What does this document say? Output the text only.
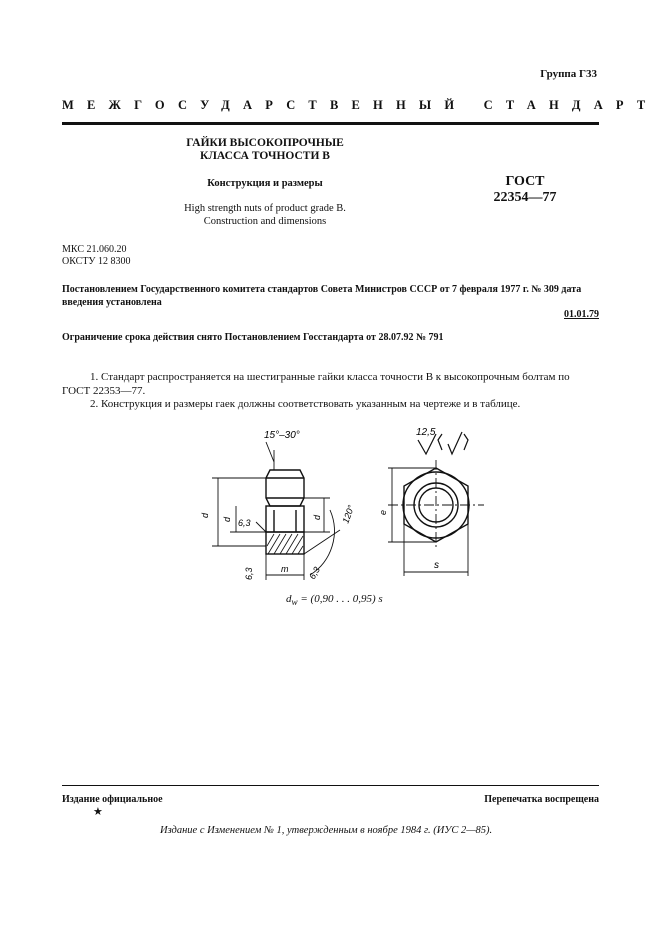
Группа Г33
МЕЖГОСУДАРСТВЕННЫЙ СТАНДАРТ
ГАЙКИ ВЫСОКОПРОЧНЫЕ
КЛАССА ТОЧНОСТИ В
Конструкция и размеры
High strength nuts of product grade B.
Construction and dimensions
ГОСТ
22354—77
МКС 21.060.20
ОКСТУ 12 8300
Постановлением Государственного комитета стандартов Совета Министров СССР от 7 февраля 1977 г. № 309 дата введения установлена
01.01.79
Ограничение срока действия снято Постановлением Госстандарта от 28.07.92 № 791
1. Стандарт распространяется на шестигранные гайки класса точности В к высокопрочным болтам по ГОСТ 22353—77.
2. Конструкция и размеры гаек должны соответствовать указанным на чертеже и в таблице.
15°–30°
d
d	d
6,3	120°
m
6,3	6,3
e
s
12,5
$d_w = (0,90$ . . . 0,95) s
Издание официальное	Перепечатка воспрещена
★
Издание с Изменением № 1, утвержденным в ноябре 1984 г. (ИУС 2—85).
